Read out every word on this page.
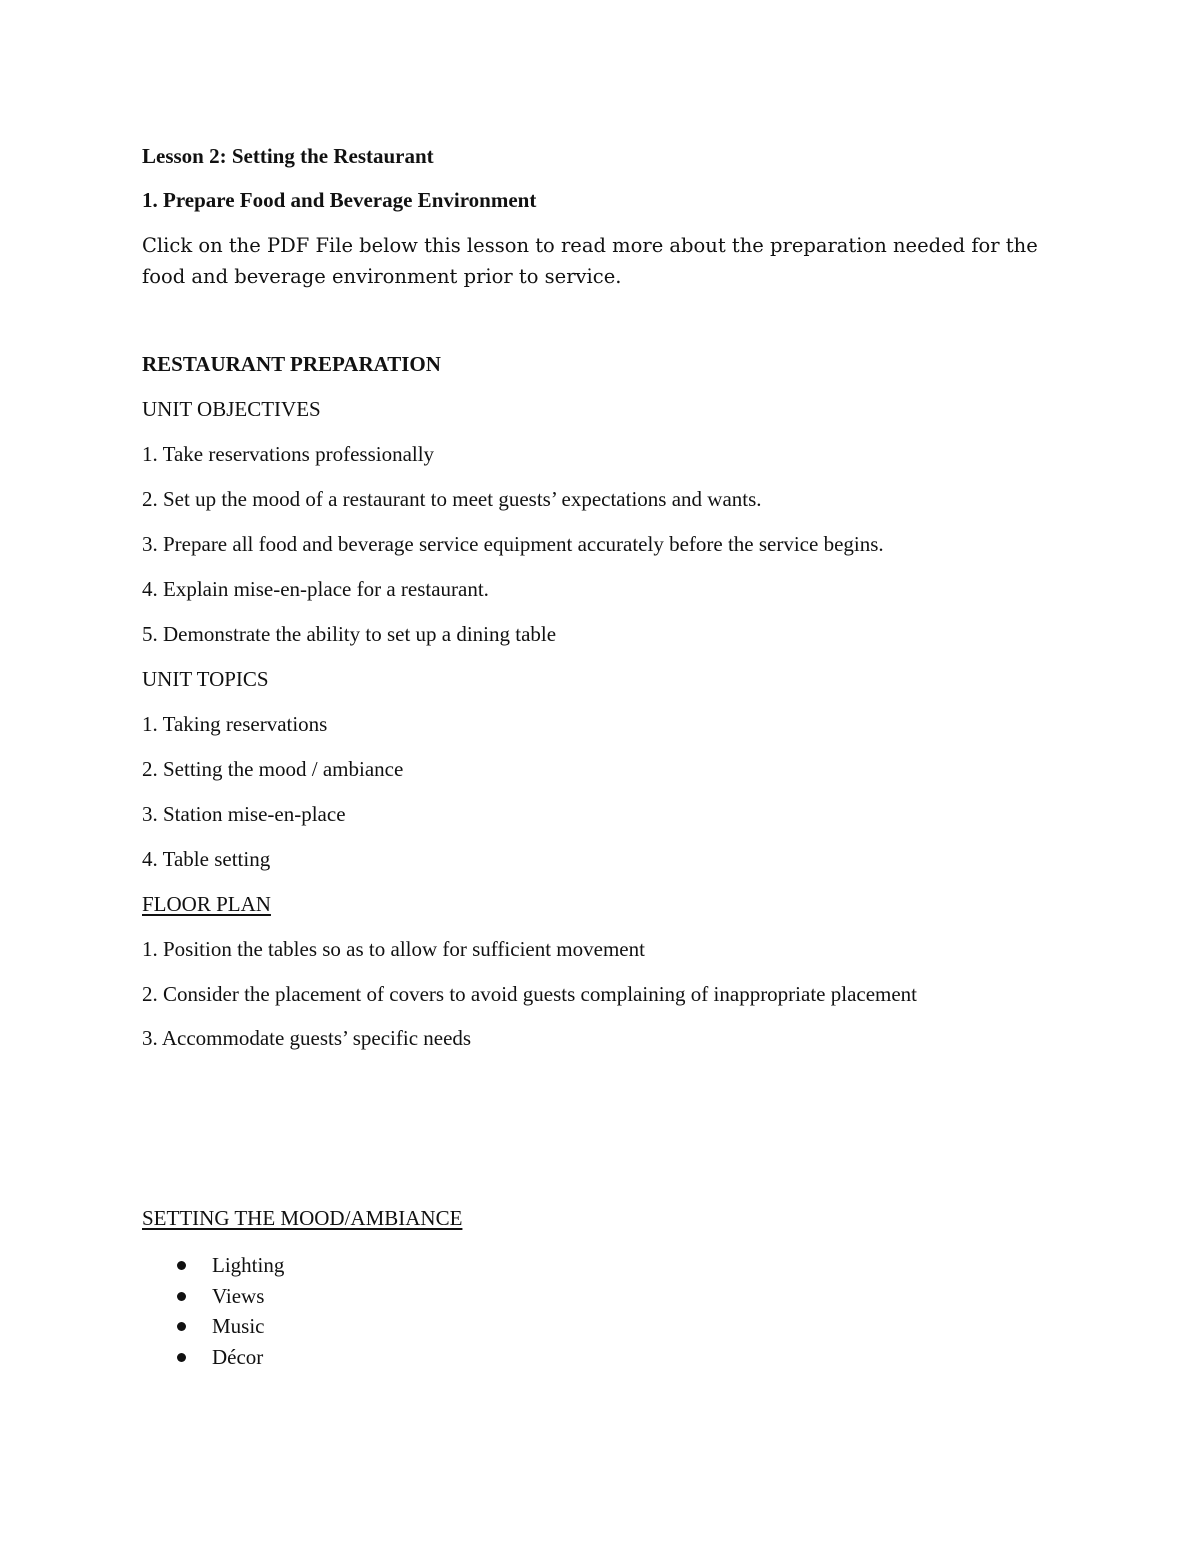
Lesson 2: Setting the Restaurant
1. Prepare Food and Beverage Environment
Click on the PDF File below this lesson to read more about the preparation needed for the food and beverage environment prior to service.
RESTAURANT PREPARATION
UNIT OBJECTIVES
1. Take reservations professionally
2. Set up the mood of a restaurant to meet guests’ expectations and wants.
3. Prepare all food and beverage service equipment accurately before the service begins.
4. Explain mise-en-place for a restaurant.
5. Demonstrate the ability to set up a dining table
UNIT TOPICS
1. Taking reservations
2. Setting the mood / ambiance
3. Station mise-en-place
4. Table setting
FLOOR PLAN
1. Position the tables so as to allow for sufficient movement
2. Consider the placement of covers to avoid guests complaining of inappropriate placement
3. Accommodate guests’ specific needs
SETTING THE MOOD/AMBIANCE
Lighting
Views
Music
Décor
